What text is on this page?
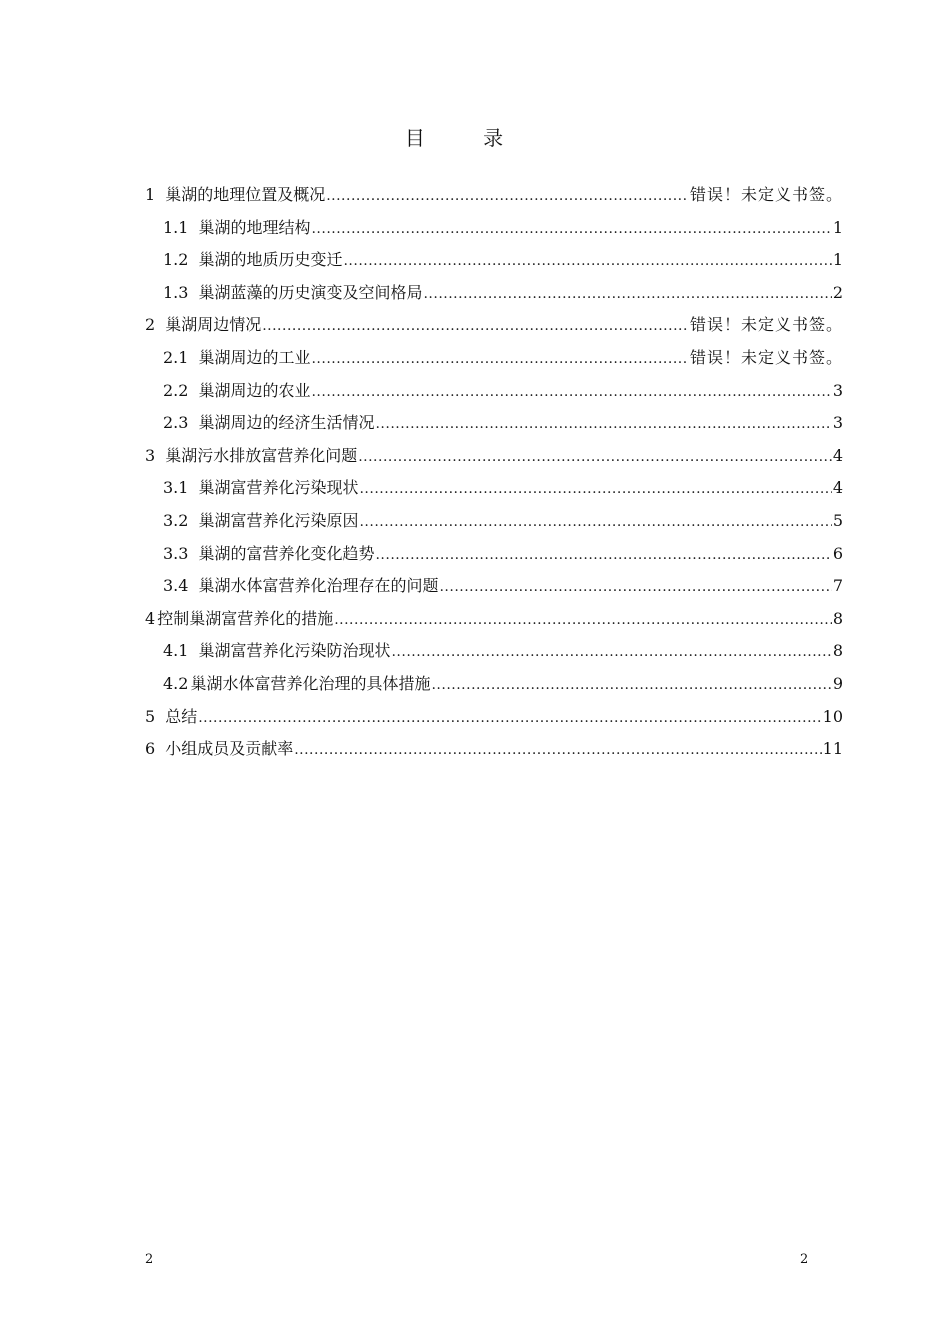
目 录
1 巢湖的地理位置及概况 .....	错误！未定义书签。
1.1 巢湖的地理结构 .....	1
1.2 巢湖的地质历史变迁 .....	1
1.3 巢湖蓝藻的历史演变及空间格局 .....	2
2 巢湖周边情况 .....	错误！未定义书签。
2.1 巢湖周边的工业 .....	错误！未定义书签。
2.2 巢湖周边的农业 .....	3
2.3 巢湖周边的经济生活情况 .....	3
3 巢湖污水排放富营养化问题 .....	4
3.1 巢湖富营养化污染现状 .....	4
3.2 巢湖富营养化污染原因 .....	5
3.3 巢湖的富营养化变化趋势 .....	6
3.4 巢湖水体富营养化治理存在的问题 .....	7
4 控制巢湖富营养化的措施 .....	8
4.1 巢湖富营养化污染防治现状 .....	8
4.2 巢湖水体富营养化治理的具体措施 .....	9
5 总结 .....	10
6 小组成员及贡献率 .....	11
2	2
